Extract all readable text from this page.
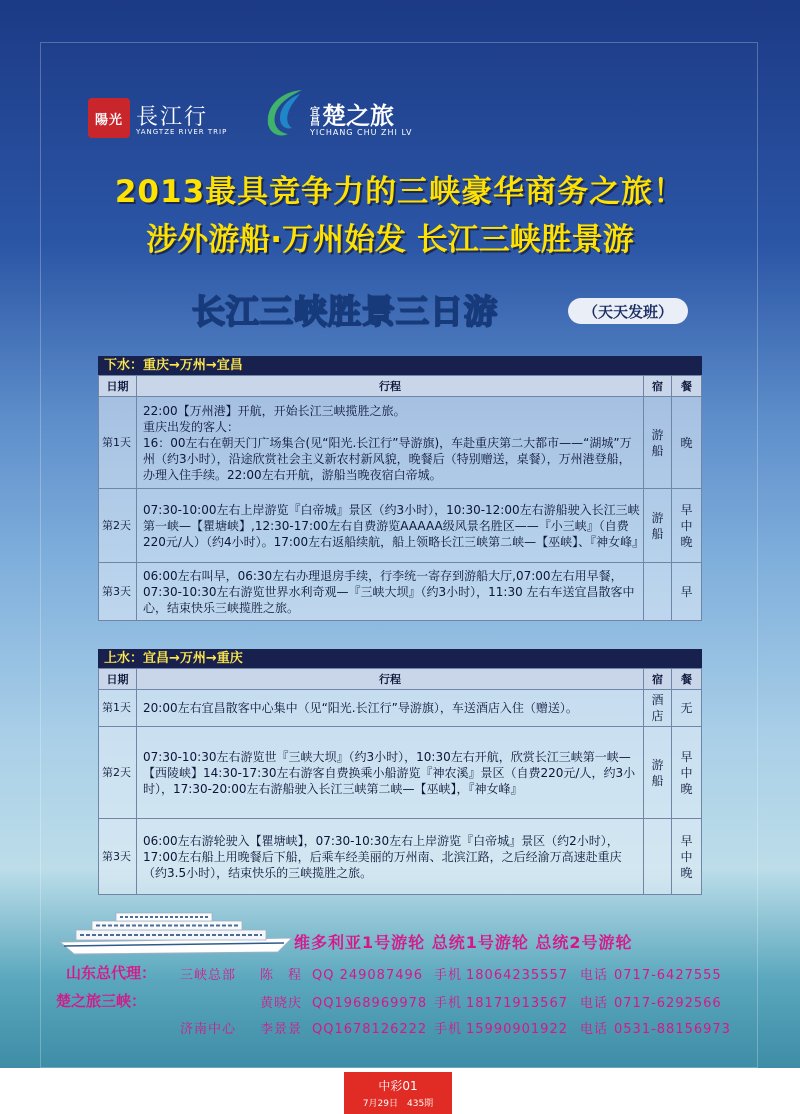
陽光 長江行
YANGTZE RIVER TRIP
宜昌楚之旅
YICHANG CHU ZHI LV
2013最具竞争力的三峡豪华商务之旅！
涉外游船·万州始发 长江三峡胜景游
长江三峡胜景三日游	（天天发班）
下水：重庆→万州→宜昌
日期	行程	宿	餐
第1天	22:00【万州港】开航，开始长江三峡揽胜之旅。
重庆出发的客人：
16：00左右在朝天门广场集合(见“阳光.长江行”导游旗)，车赴重庆第二大都市——“湖城”万州（约3小时），沿途欣赏社会主义新农村新风貌，晚餐后（特别赠送，桌餐），万州港登船，办理入住手续。22:00左右开航，游船当晚夜宿白帝城。	游船	晚
第2天	07:30-10:00左右上岸游览『白帝城』景区（约3小时），10:30-12:00左右游船驶入长江三峡第一峡—【瞿塘峡】,12:30-17:00左右自费游览AAAAA级风景名胜区——『小三峡』（自费220元/人）（约4小时）。17:00左右返船续航，船上领略长江三峡第二峡—【巫峡】、『神女峰』	游船	早中晚
第3天	06:00左右叫早，06:30左右办理退房手续，行李统一寄存到游船大厅,07:00左右用早餐，07:30-10:30左右游览世界水利奇观—『三峡大坝』（约3小时），11:30 左右车送宜昌散客中心，结束快乐三峡揽胜之旅。		早
上水：宜昌→万州→重庆
日期	行程	宿	餐
第1天	20:00左右宜昌散客中心集中（见“阳光.长江行”导游旗），车送酒店入住（赠送）。	酒店	无
第2天	07:30-10:30左右游览世『三峡大坝』（约3小时），10:30左右开航，欣赏长江三峡第一峡—【西陵峡】14:30-17:30左右游客自费换乘小船游览『神农溪』景区（自费220元/人，约3小时），17:30-20:00左右游船驶入长江三峡第二峡—【巫峡】，『神女峰』	游船	早中晚
第3天	06:00左右游轮驶入【瞿塘峡】，07:30-10:30左右上岸游览『白帝城』景区（约2小时），17:00左右船上用晚餐后下船，后乘车经美丽的万州南、北滨江路，之后经渝万高速赴重庆（约3.5小时），结束快乐的三峡揽胜之旅。		早中晚
维多利亚1号游轮 总统1号游轮 总统2号游轮
山东总代理：
楚之旅三峡：
三峡总部 陈　程 QQ 249087496 手机 18064235557 电话 0717-6427555
黄晓庆 QQ1968969978 手机 18171913567 电话 0717-6292566
济南中心 李景景 QQ1678126222 手机 15990901922 电话 0531-88156973
中彩01
7月29日　435期
